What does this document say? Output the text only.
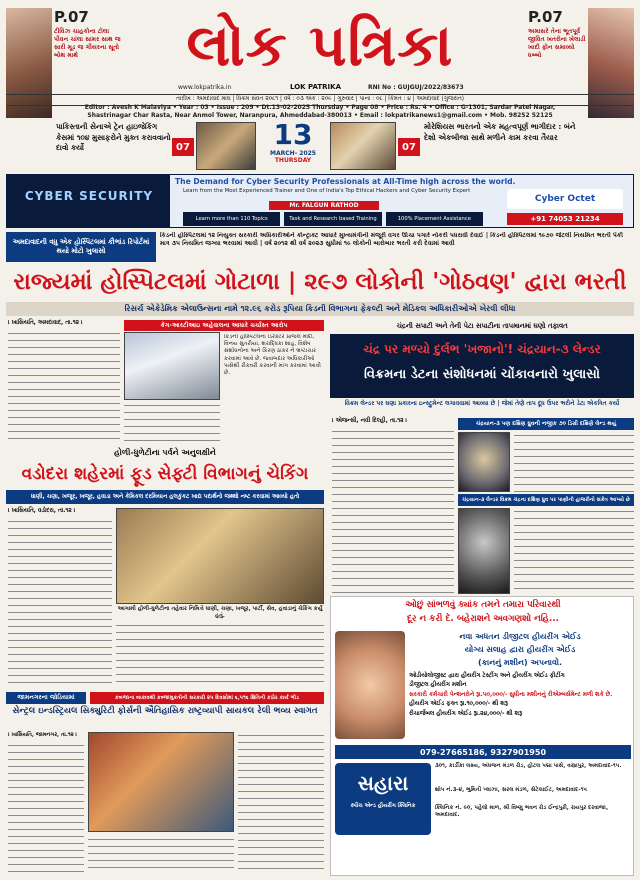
P.07
ટીવિઝ ચાહકોના ટોલા પીવન ચાંલા સામર સાથ જ સારી મૂડ જ ગીયરના સૂતો બોથ માથે	લોક પત્રિકા
www.lokpatrika.in	LOK PATRIKA	RNI No : GUJGUJ/2022/83673
P.07
અમાસરે તેના ભૂતપૂર્વ જીવિત ખતરોના ખેલાડી ખાદી ફોન સમાવ્યો ધબ્બો
તારીખ : અમદાવાદ માઘ | વિક્રમ સંવત ૨૦૮૧ | વર્ષ : ૦૩ અંક : ૨૦૯ | ગુરુવાર | પાના : ૦૮ | કિંમત : ૪ | અમદાવાદ (ગુજરાત)
Editor : Avesh K Malaviya • Year : 03 • Issue : 209 • Dt.13-02-2025 Thursday • Page 08 • Price : Rs. 4 • Office : G-1301, Sardar Patel Nagar,
Shastrinagar Char Rasta, Near Anmol Tower, Naranpura, Ahmeddabad-380013 • Email : lokpatrikanews1@gmail.com • Mob. 98252 52125
પાકિસ્તાની સેનાએ ટ્રેન હાઇજેકિંગ કેસમાં ૧૦૪ મુસાફરોને મુક્ત કરાવવાનો દાવો કર્યો	07	13
MARCH- 2025
THURSDAY
07
મોરેશિયસ ભારતનો એક મહત્વપૂર્ણ ભાગીદાર : બંને દેશો એકબીજા સાથે મળીને કામ કરવા તૈયાર
CYBER SECURITY
The Demand for Cyber Security Professionals at All-Time high across the world.
Learn from the Most Experienced Trainer and One of India's Top Ethical Hackers and Cyber Security Expert
Mr. FALGUN RATHOD
Learn more than 110 Topics	Task and Research based Training	100% Placement Assistance
Cyber Octet
+91 74053 21234
અમદાવાદની વધુ એક હોસ્પિટલમાં કૌભાંડ રિપોર્ટમાં થયો મોટો ખુલાસો
કિડની હોસ્પિટલમાં ૧૨ નિયુક્ત સરકારી અધિકારીઓને કોન્ટ્રાક્ટ આધારે મુખ્યમંત્રીની મંજૂરી વગર ઊંચા પગારે નોકરી પધરાવી દેવાઈ | કિડની હોસ્પિટલમાં ૧૯૭૦ જેટલી નિયમિત ભરતી પૈકી માત્ર ૩૫ નિયમિત જગ્યા ભરવામાં આવી | વર્ષ ૨૦૧૨ થી વર્ષ ૨૦૨૩ સુધીમાં ૧૯ લોકોની બારોબાર ભરતી કરી દેવામાં આવી
રાજ્યમાં હોસ્પિટલમાં ગોટાળા | ૨૯૭ લોકોની 'ગોઠવણ' દ્વારા ભરતી
રિસર્ચ એકેડેમિક એલાઉન્સના નામે ૧૨.૯૬ કરોડ રૂપિયા કિડની વિભાગના ફેકલ્ટી અને મેડિકલ અધિકારીઓએ ખેરવી લીધા
। ખાસિયતિ, અમદાવાદ, તા.૧૨ ।	કેગ-આરટીઆઇ અહેવાલના આધારે ચર્ચાસ્ત આરોપ
કિડની હોસ્પિટલના ડિરેક્ટર પ્રાંજલ મોદી, વિનય સુતરીયા, શરાદ્ધિકા શાહ, વિશેષ સંશોધનોના અને કિરણ ઠાકર ને ભ્રષ્ટાચાર કરવામાં આવે છે. જવાબદાર અધિકારીઓ પાસેથી રીકવરી કરવાની માંગ કરવામાં આવી છે.
ચંદ્રની સપાટી અને તેની પેટા સપાટીના તાપમાનમાં ઘણો તફાવત
ચંદ્ર પર મળ્યો દુર્લભ 'ખજાનો'! ચંદ્રયાન-૩ લેન્ડર
વિક્રમના ડેટના સંશોધનમાં ચોંકાવનારો ખુલાસો
વિક્રમ લેન્ડર પર ઘણા પ્રકારના ઇન્સ્ટ્રુમેન્ટ લગાવવામાં આવ્યા છે | જેમાં તેણે તાપ દૂધ ઉપર ભરીને ડેટા એકત્રિત કર્યો
। એજન્સી, નવી દિલ્હી, તા.૧૨ ।	ચંદ્રયાન-૩ પણ દક્ષિણ ધ્રુવની નજીક ૭૦ ડિગ્રી દક્ષિણે લેન્ડ થયું
ચંદ્રયાન-૩ લેન્ડર વિક્રમ ચંદ્રના દક્ષિણ ધ્રુવ પર પાણીની હાજરીનો સંકેત આપ્યો છે
હોળી-ધુળેટીના પર્વને અનુલક્ષીને
વડોદરા શહેરમાં ફૂડ સેફ્ટી વિભાગનું ચેકિંગ
ધાણી, ચણા, ખજૂર, ખજૂર, હવાડા અને કેમિકલ દરમિયાન હલકુંકટ ખાદ્ય પદાર્થનો જથ્થો નષ્ટ કરવામાં આવ્યો હતો
। ખાસિયતિ, વડોદરા, તા.૧૨ ।
આગામી હોળી-ધુળેટીના તહેવાર નિમિત્તે ધાણી, ચણા, ખજૂર, પાર્ટી, સેવ, હવાડાનું ચેકિંગ કર્યું હતું.
ઓછું સાંભળવું ક્યાંક તમને તમારા પરિવારથી
દૂર ન કરી દે. બહેરાશને અવગણશો નહિ...
નવા અધતન ડીજીટલ હીયરીંગ એઈડ
યોગ્ય સલાહ દ્વારા હીયરીંગ એઈડ
(કાનનું મશીન) અપનાવો.
ઓડીયોલોજીસ્ટ દ્વારા હીયરીંગ ટેસ્ટીંગ અને હીયરીંગ એઈડ ફીટીંગ
ડીજીટલ હીયરીંગ મશીન
સરકારી કર્મચારી પેન્શનરોને રૂા.૫૦,૦૦૦/- સુધીના મશીનનું રીએમ્બર્સમેન્ટ મળી શકે છે.
હીયરીંગ એઈડ ફક્ત રૂા.૧૦,૦૦૦/- થી શરૂ
રીચાર્જેબલ હીયરીંગ એઈડ રૂા.૨૪,૦૦૦/- થી શરૂ
079-27665186, 9327901950
સહારા
સ્પીચ એન્ડ હીયરીંગ ક્લિનિક
૩૦૧, કાર્ડીકા લક્ષ્ય, અંધજન મંડળ રોડ, હોટલ પદ્મા પાસે, વસ્ત્રાપુર, અમદાવાદ-૧૫.
શોપ નં.૩-૪, ભુમિતી પ્લાઝા, સરલ મંડળ, સેટેલાઈટ, અમદાવાદ-૧૫
ક્લિનિક નં. ૯૦, પહેલો માળ, શ્રી વિષ્ણુ ભવન રોડ ઈન્દ્રપુરી, રાયપુર દરવાજા, અમદાવાદ.
જામનગરના જોડિયામાં	કબજાના બાકાવથી કબ્જામુકતીની સરકારી ૨૫ દિવસોમાં ૬,૫૧૬ ક્ષિતિની કઠોર કાર્ય ભીડ
સેન્ટ્રલ ઇન્ડસ્ટ્રિયલ સિક્યુરિટી ફોર્સની ઐતિહાસિક રાષ્ટ્રવ્યાપી સાયકલ રેલી ભવ્ય સ્વાગત
। ખાસિયતિ, જામનગર, તા.૧૨ ।
